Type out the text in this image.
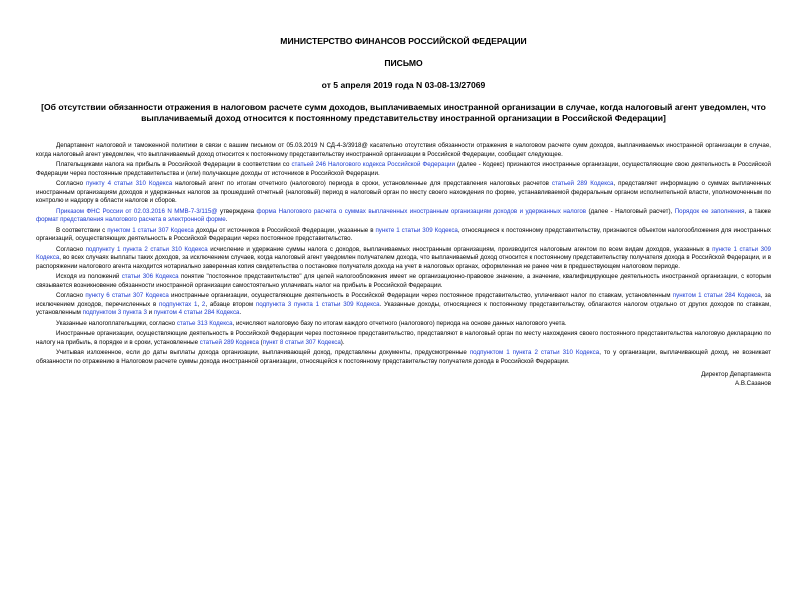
МИНИСТЕРСТВО ФИНАНСОВ РОССИЙСКОЙ ФЕДЕРАЦИИ
ПИСЬМО
от 5 апреля 2019 года N 03-08-13/27069
[Об отсутствии обязанности отражения в налоговом расчете сумм доходов, выплачиваемых иностранной организации в случае, когда налоговый агент уведомлен, что выплачиваемый доход относится к постоянному представительству иностранной организации в Российской Федерации]

Департамент налоговой и таможенной политики в связи с вашим письмом от 05.03.2019 N СД-4-3/3918@ касательно отсутствия обязанности отражения в налоговом расчете сумм доходов, выплачиваемых иностранной организации в случае, когда налоговый агент уведомлен, что выплачиваемый доход относится к постоянному представительству иностранной организации в Российской Федерации, сообщает следующее.

Плательщиками налога на прибыль в Российской Федерации в соответствии со статьей 246 Налогового кодекса Российской Федерации (далее - Кодекс) признаются иностранные организации, осуществляющие свою деятельность в Российской Федерации через постоянные представительства и (или) получающие доходы от источников в Российской Федерации.

Согласно пункту 4 статьи 310 Кодекса налоговый агент по итогам отчетного (налогового) периода в сроки, установленные для представления налоговых расчетов статьей 289 Кодекса, представляет информацию о суммах выплаченных иностранным организациям доходов и удержанных налогов за прошедший отчетный (налоговый) период в налоговый орган по месту своего нахождения по форме, устанавливаемой федеральным органом исполнительной власти, уполномоченным по контролю и надзору в области налогов и сборов.

Приказом ФНС России от 02.03.2016 N ММВ-7-3/115@ утверждена форма Налогового расчета о суммах выплаченных иностранным организациям доходов и удержанных налогов (далее - Налоговый расчет), Порядок ее заполнения, а также формат представления налогового расчета в электронной форме.

В соответствии с пунктом 1 статьи 307 Кодекса доходы от источников в Российской Федерации, указанные в пункте 1 статьи 309 Кодекса, относящиеся к постоянному представительству, признаются объектом налогообложения для иностранных организаций, осуществляющих деятельность в Российской Федерации через постоянное представительство.

Согласно подпункту 1 пункта 2 статьи 310 Кодекса исчисление и удержание суммы налога с доходов, выплачиваемых иностранным организациям, производится налоговым агентом по всем видам доходов, указанных в пункте 1 статьи 309 Кодекса, во всех случаях выплаты таких доходов, за исключением случаев, когда налоговый агент уведомлен получателем дохода, что выплачиваемый доход относится к постоянному представительству получателя дохода в Российской Федерации, и в распоряжении налогового агента находится нотариально заверенная копия свидетельства о постановке получателя дохода на учет в налоговых органах, оформленная не ранее чем в предшествующем налоговом периоде.

Исходя из положений статьи 306 Кодекса понятие "постоянное представительство" для целей налогообложения имеет не организационно-правовое значение, а значение, квалифицирующее деятельность иностранной организации, с которым связывается возникновение обязанности иностранной организации самостоятельно уплачивать налог на прибыль в Российской Федерации.

Согласно пункту 6 статьи 307 Кодекса иностранные организации, осуществляющие деятельность в Российской Федерации через постоянное представительство, уплачивают налог по ставкам, установленным пунктом 1 статьи 284 Кодекса, за исключением доходов, перечисленных в подпунктах 1, 2, абзаце втором подпункта 3 пункта 1 статьи 309 Кодекса. Указанные доходы, относящиеся к постоянному представительству, облагаются налогом отдельно от других доходов по ставкам, установленным подпунктом 3 пункта 3 и пунктом 4 статьи 284 Кодекса.

Указанные налогоплательщики, согласно статье 313 Кодекса, исчисляют налоговую базу по итогам каждого отчетного (налогового) периода на основе данных налогового учета.

Иностранные организации, осуществляющие деятельность в Российской Федерации через постоянное представительство, представляют в налоговый орган по месту нахождения своего постоянного представительства налоговую декларацию по налогу на прибыль, в порядке и в сроки, установленные статьей 289 Кодекса (пункт 8 статьи 307 Кодекса).

Учитывая изложенное, если до даты выплаты дохода организации, выплачивающей доход, представлены документы, предусмотренные подпунктом 1 пункта 2 статьи 310 Кодекса, то у организации, выплачивающей доход, не возникает обязанности по отражению в Налоговом расчете суммы дохода иностранной организации, относящейся к постоянному представительству получателя дохода в Российской Федерации.

Директор Департамента
А.В.Сазанов
